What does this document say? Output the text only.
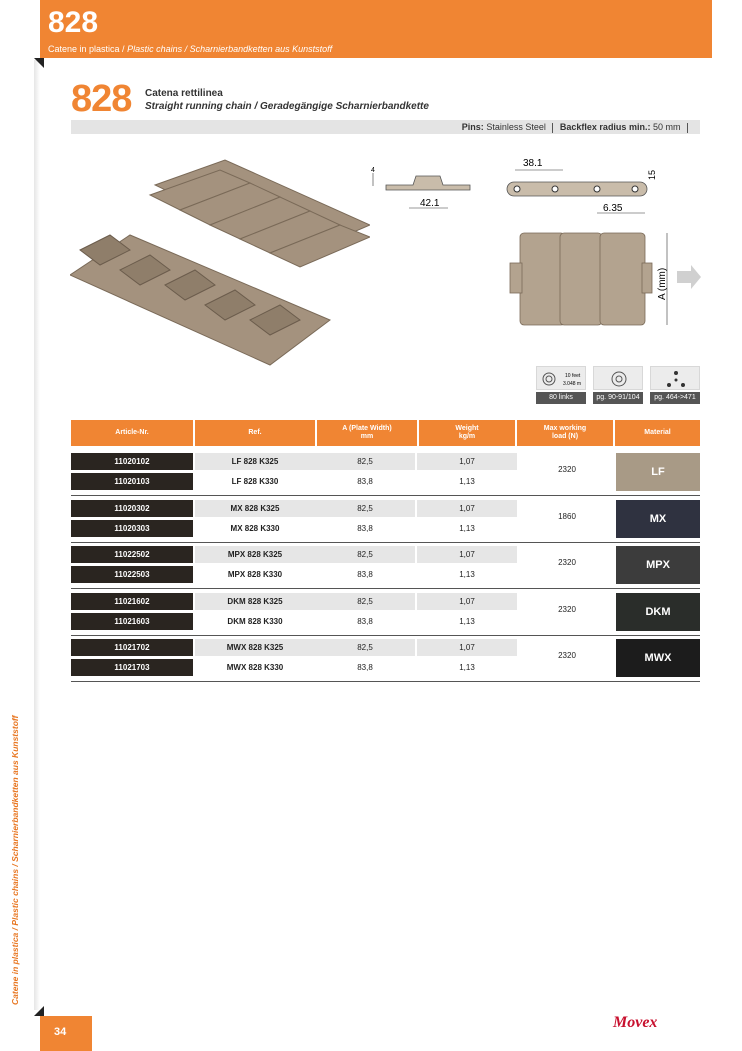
Catene in plastica / Plastic chains / Scharnierbandketten aus Kunststoff
828
Catene in plastica / Plastic chains / Scharnierbandketten aus Kunststoff
828 Catena rettilinea
Straight running chain / Geradegängige Scharnierbandkette
Pins: Stainless Steel Backflex radius min.: 50 mm
4
42.1
38.1
15
6.35
A (mm)
10 feet
3.048 m
80 links	pg. 90-91/104	pg. 464->471
Article-Nr.	Ref.
A (Plate Width)
mm
Weight
kg/m
Max working
load (N)
Material
11020102	LF 828 K325	82,5	1,07
11020103	LF 828 K330	83,8	1,13
2320	LF
11020302	MX 828 K325	82,5	1,07
11020303	MX 828 K330	83,8	1,13
1860	MX
11022502	MPX 828 K325	82,5	1,07
11022503	MPX 828 K330	83,8	1,13
2320	MPX
11021602	DKM 828 K325	82,5	1,07
11021603	DKM 828 K330	83,8	1,13
2320	DKM
11021702	MWX 828 K325	82,5	1,07
11021703	MWX 828 K330	83,8	1,13
2320	MWX
34
Movex
